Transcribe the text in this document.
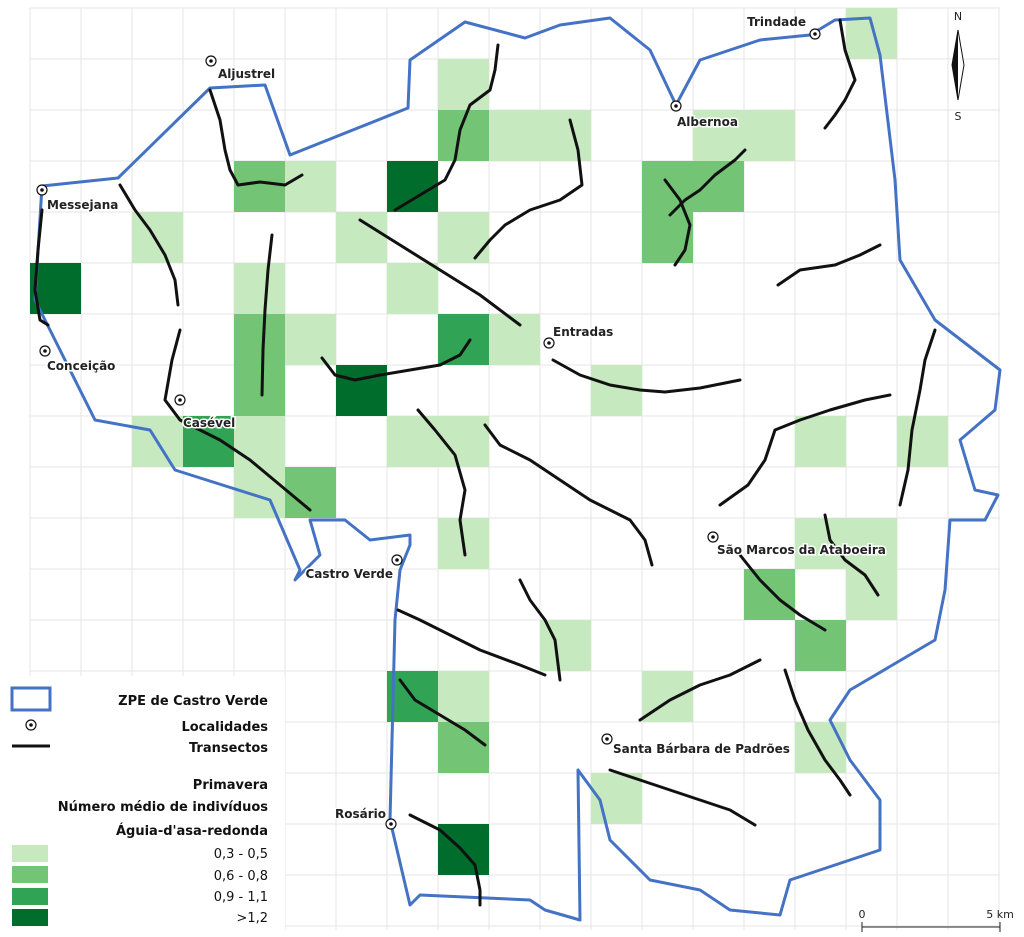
Aljustrel
Trindade
Albernoa
Messejana
Entradas
Conceição
Casével
Castro Verde
São Marcos da Ataboeira
Santa Bárbara de Padrões
Rosário
N
S
ZPE de Castro Verde
Localidades
Transectos
Primavera
Número médio de indivíduos
Águia-d'asa-redonda
0,3 - 0,5
0,6 - 0,8
0,9 - 1,1
>1,2	0	5 km
